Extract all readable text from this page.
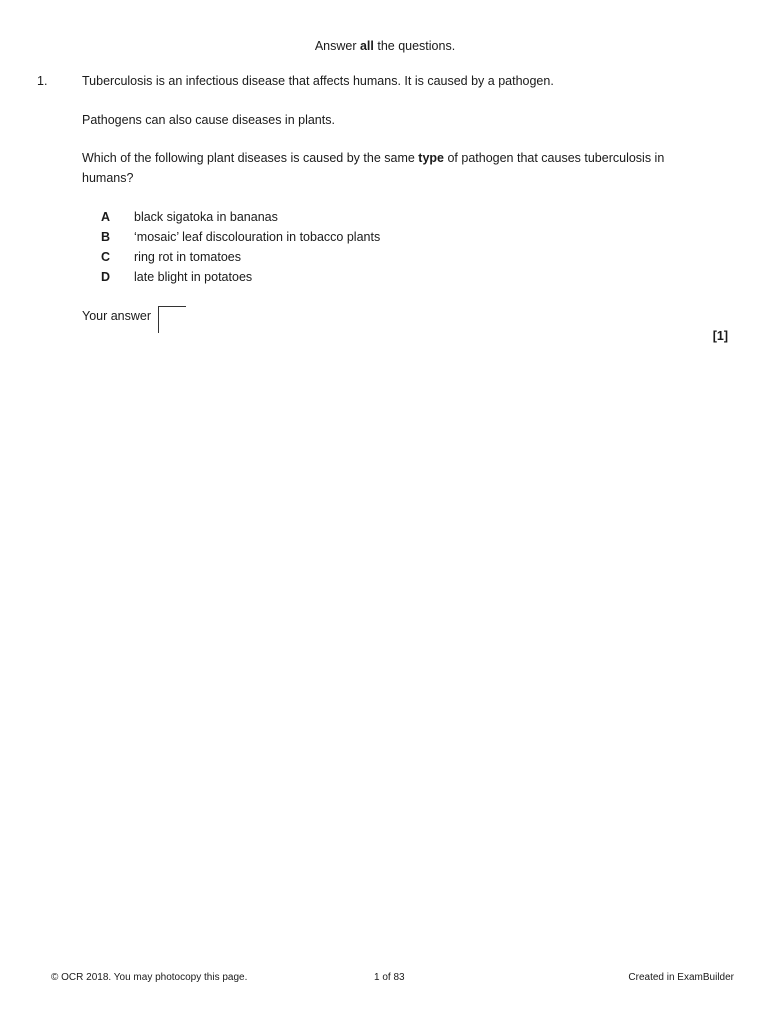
Answer all the questions.
1.	Tuberculosis is an infectious disease that affects humans. It is caused by a pathogen.
Pathogens can also cause diseases in plants.
Which of the following plant diseases is caused by the same type of pathogen that causes tuberculosis in
humans?
A black sigatoka in bananas
B ‘mosaic’ leaf discolouration in tobacco plants
C ring rot in tomatoes
D late blight in potatoes
Your answer
[1]
© OCR 2018. You may photocopy this page.	1 of 83	Created in ExamBuilder
